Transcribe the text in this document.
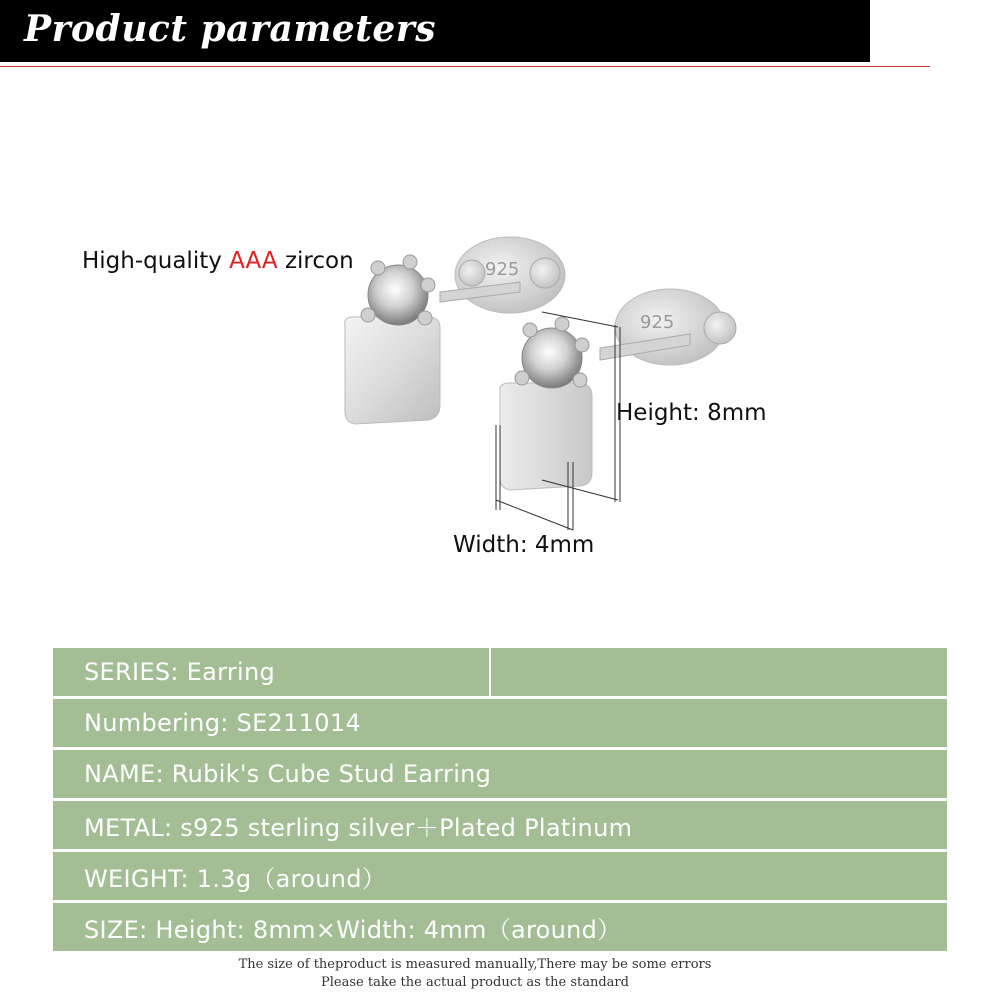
Product parameters
925
925
High-quality AAA zircon
Height: 8mm
Width: 4mm
SERIES: Earring
Numbering: SE211014
NAME: Rubik's Cube Stud Earring
METAL: s925 sterling silver＋Plated Platinum
WEIGHT: 1.3g（around）
SIZE: Height: 8mm×Width: 4mm（around）
The size of theproduct is measured manually,There may be some errors
Please take the actual product as the standard
